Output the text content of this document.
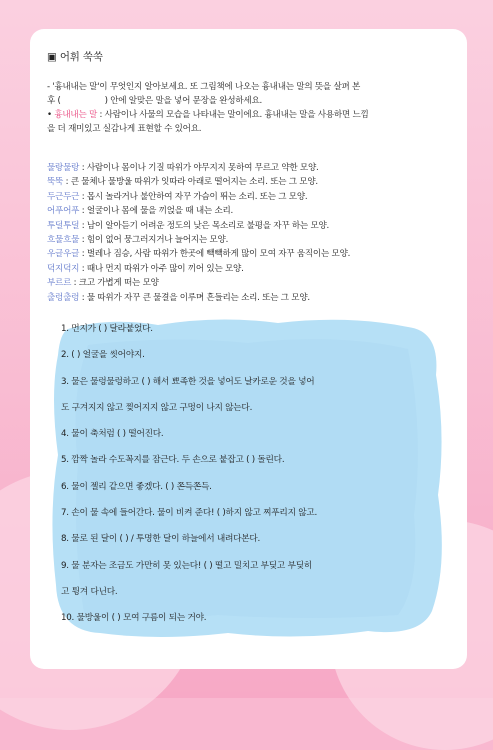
▣ 어휘 쑥쑥
- '흉내내는 말'이 무엇인지 알아보세요. 또 그림책에 나오는 흉내내는 말의 뜻을 살펴 본
후 (	) 안에 알맞은 말을 넣어 문장을 완성하세요.
• 흉내내는 말 : 사람이나 사물의 모습을 나타내는 말이에요. 흉내내는 말을 사용하면 느낌
을 더 재미있고 실감나게 표현할 수 있어요.
물랑물랑 : 사람이나 몸이나 기질 따위가 야무지지 못하여 무르고 약한 모양.
뚝뚝 : 큰 물체나 물방울 따위가 잇따라 아래로 떨어지는 소리. 또는 그 모양.
두근두근 : 몹시 놀라거나 불안하여 자꾸 가슴이 뛰는 소리. 또는 그 모양.
어푸어푸 : 얼굴이나 몸에 물을 끼얹을 때 내는 소리.
투덜투덜 : 남이 알아듣기 어려운 정도의 낮은 목소리로 불평을 자꾸 하는 모양.
흐물흐물 : 힘이 없어 뭉그러지거나 늘어지는 모양.
우글우글 : 벌레나 짐승, 사람 따위가 한곳에 빽빽하게 많이 모여 자꾸 움직이는 모양.
덕지덕지 : 때나 먼지 따위가 아주 많이 끼어 있는 모양.
부르르 : 크고 가볍게 떠는 모양
출렁출렁 : 물 따위가 자꾸 큰 물결을 이루며 흔들리는 소리. 또는 그 모양.
1. 먼지가 ( ) 달라붙었다.
2. ( ) 얼굴을 씻어야지.
3. 물은 물렁물렁하고 ( ) 해서 뾰족한 것을 넣어도 날카로운 것을 넣어
도 구겨지지 않고 찢어지지 않고 구멍이 나지 않는다.
4. 물이 축처럼 ( ) 떨어진다.
5. 깜짝 놀라 수도꼭지를 잠근다. 두 손으로 붙잡고 ( ) 돌린다.
6. 물이 젤리 같으면 좋겠다. ( ) 쫀득쫀득.
7. 손이 물 속에 들어간다. 물이 비켜 준다! ( )하지 않고 찌푸리지 않고.
8. 물로 된 달이 ( ) / 투명한 달이 하늘에서 내려다본다.
9. 물 분자는 조금도 가만히 못 있는다! ( ) 떨고 밀치고 부딪고 부딪히
고 튕겨 다닌다.
10. 물방울이 ( ) 모여 구름이 되는 거야.
